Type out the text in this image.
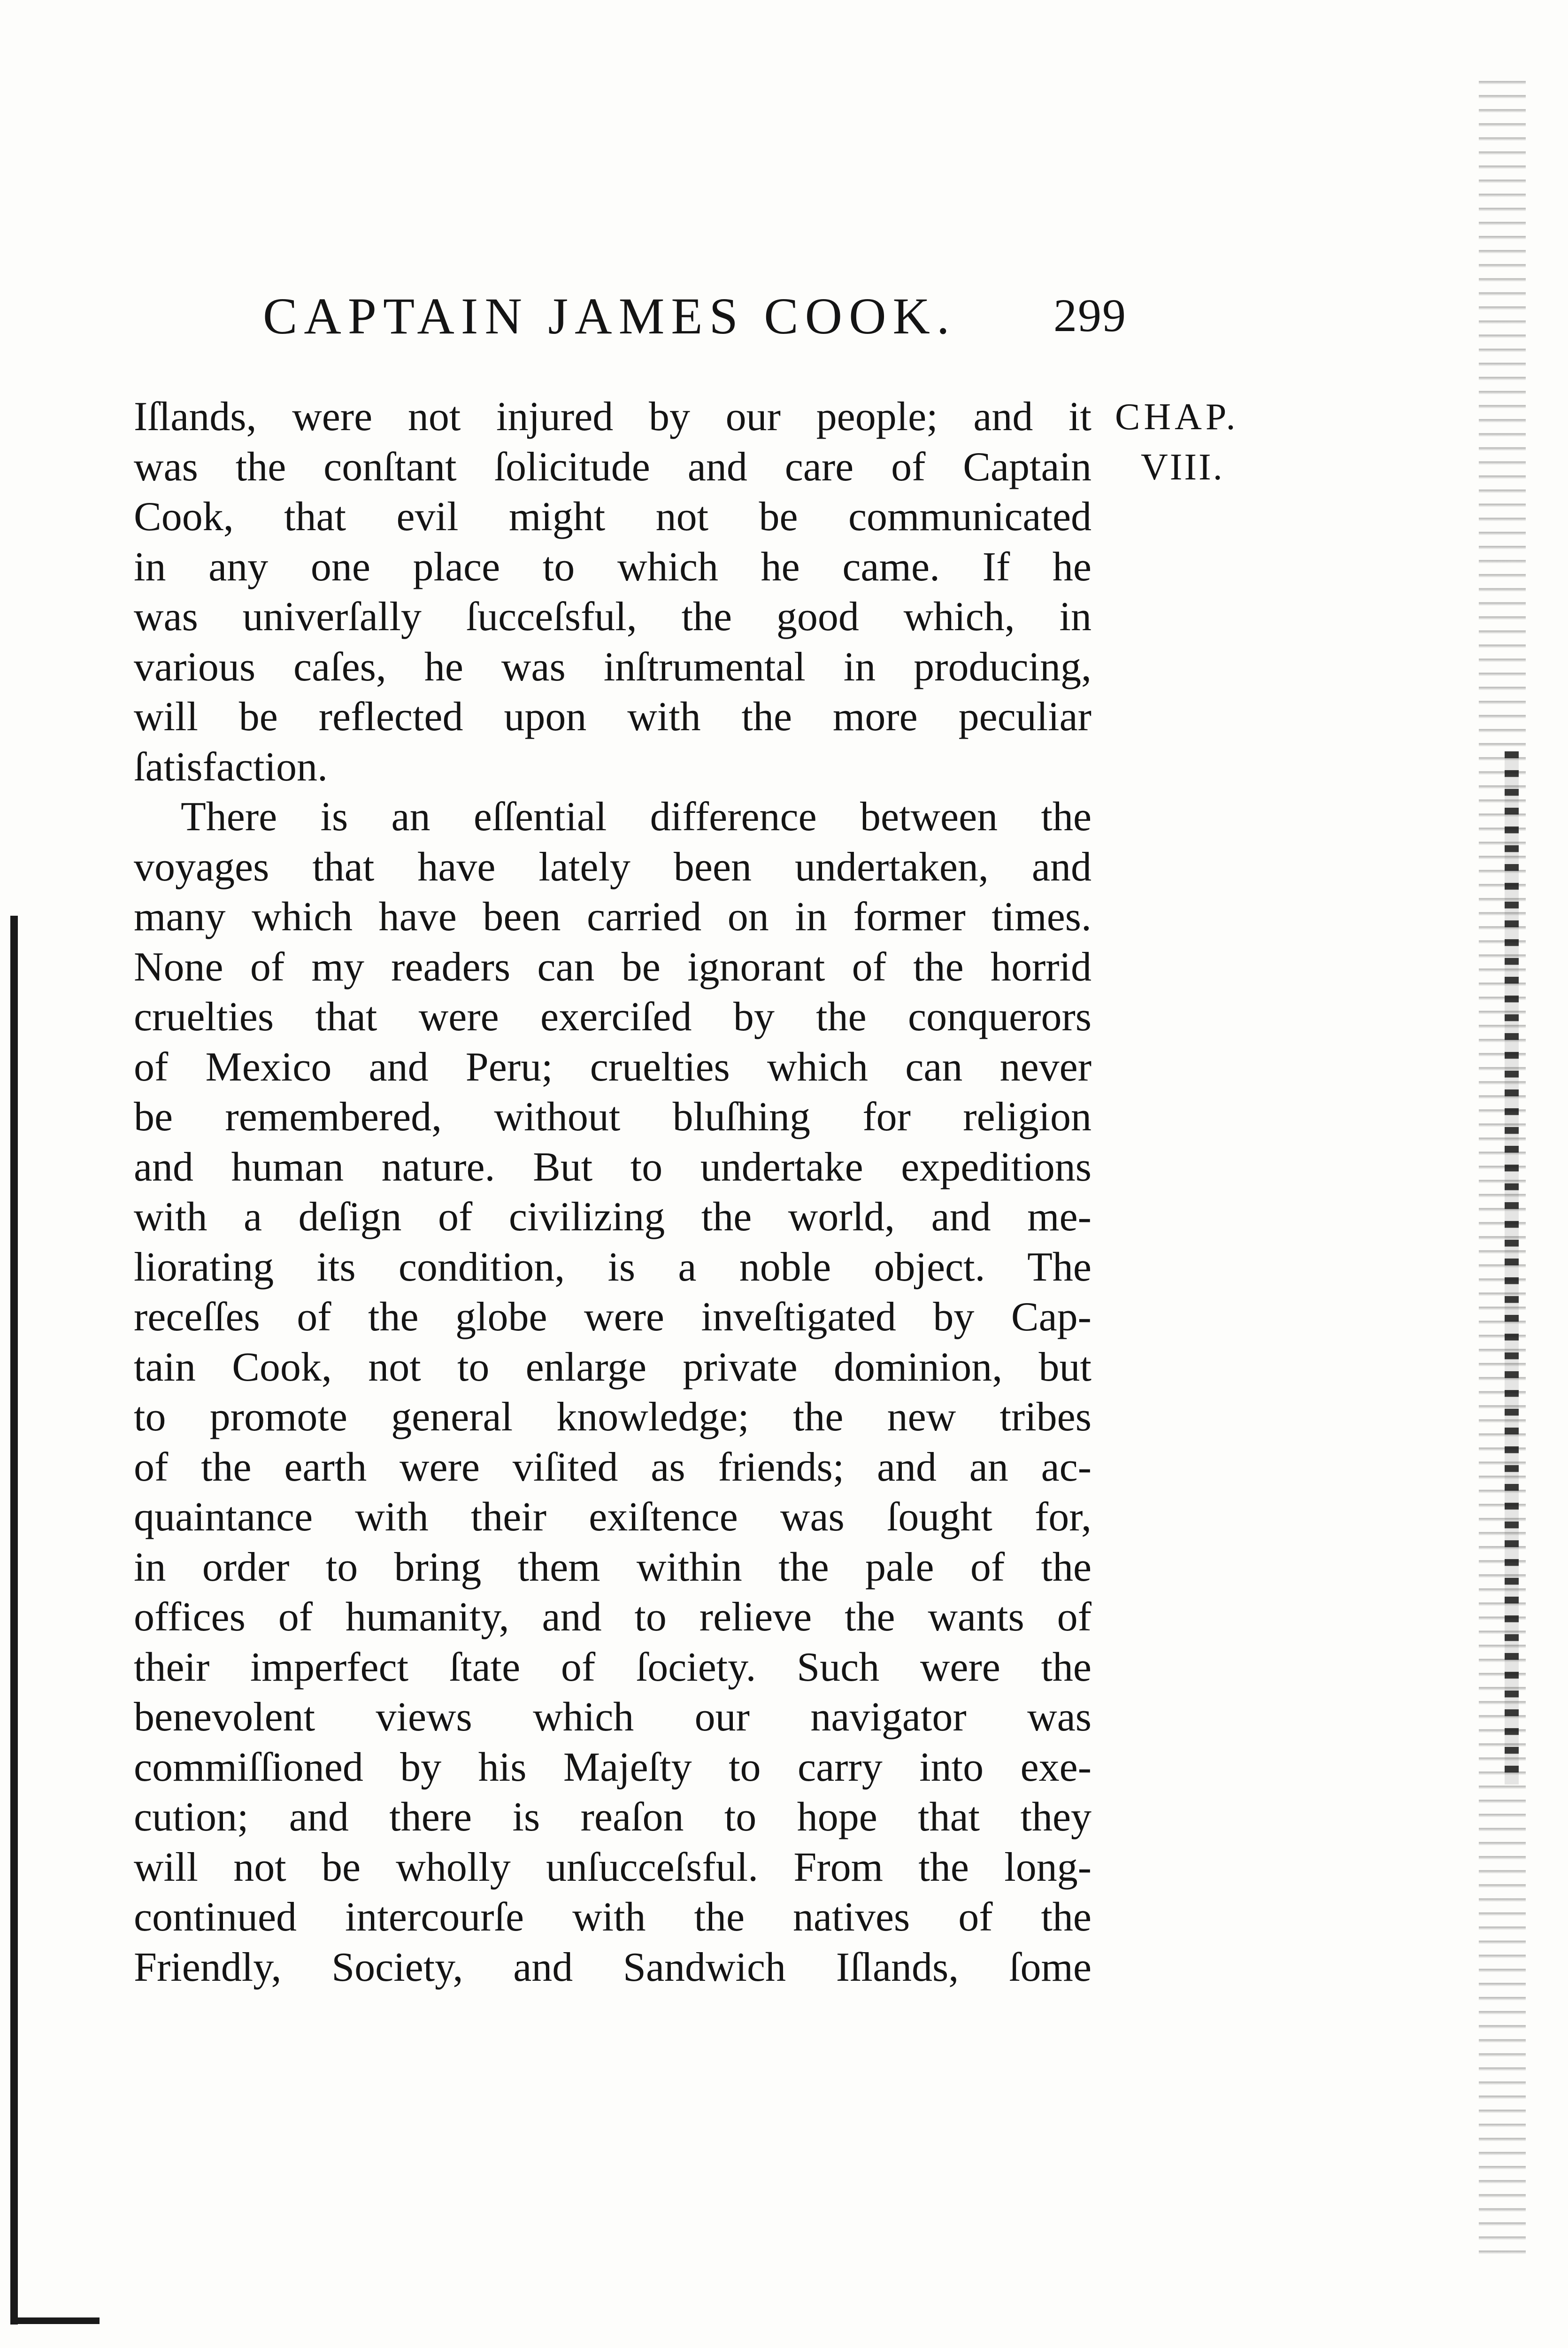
CAPTAIN JAMES COOK. 299
CHAP.
VIII.
Iſlands, were not injured by our people; and it
was the conſtant ſolicitude and care of Captain
Cook, that evil might not be communicated
in any one place to which he came. If he
was univerſally ſucceſsful, the good which, in
various caſes, he was inſtrumental in producing,
will be reflected upon with the more peculiar
ſatisfaction.
There is an eſſential difference between the
voyages that have lately been undertaken, and
many which have been carried on in former times.
None of my readers can be ignorant of the horrid
cruelties that were exerciſed by the conquerors
of Mexico and Peru; cruelties which can never
be remembered, without bluſhing for religion
and human nature. But to undertake expeditions
with a deſign of civilizing the world, and me-
liorating its condition, is a noble object. The
receſſes of the globe were inveſtigated by Cap-
tain Cook, not to enlarge private dominion, but
to promote general knowledge; the new tribes
of the earth were viſited as friends; and an ac-
quaintance with their exiſtence was ſought for,
in order to bring them within the pale of the
offices of humanity, and to relieve the wants of
their imperfect ſtate of ſociety. Such were the
benevolent views which our navigator was
commiſſioned by his Majeſty to carry into exe-
cution; and there is reaſon to hope that they
will not be wholly unſucceſsful. From the long-
continued intercourſe with the natives of the
Friendly, Society, and Sandwich Iſlands, ſome
